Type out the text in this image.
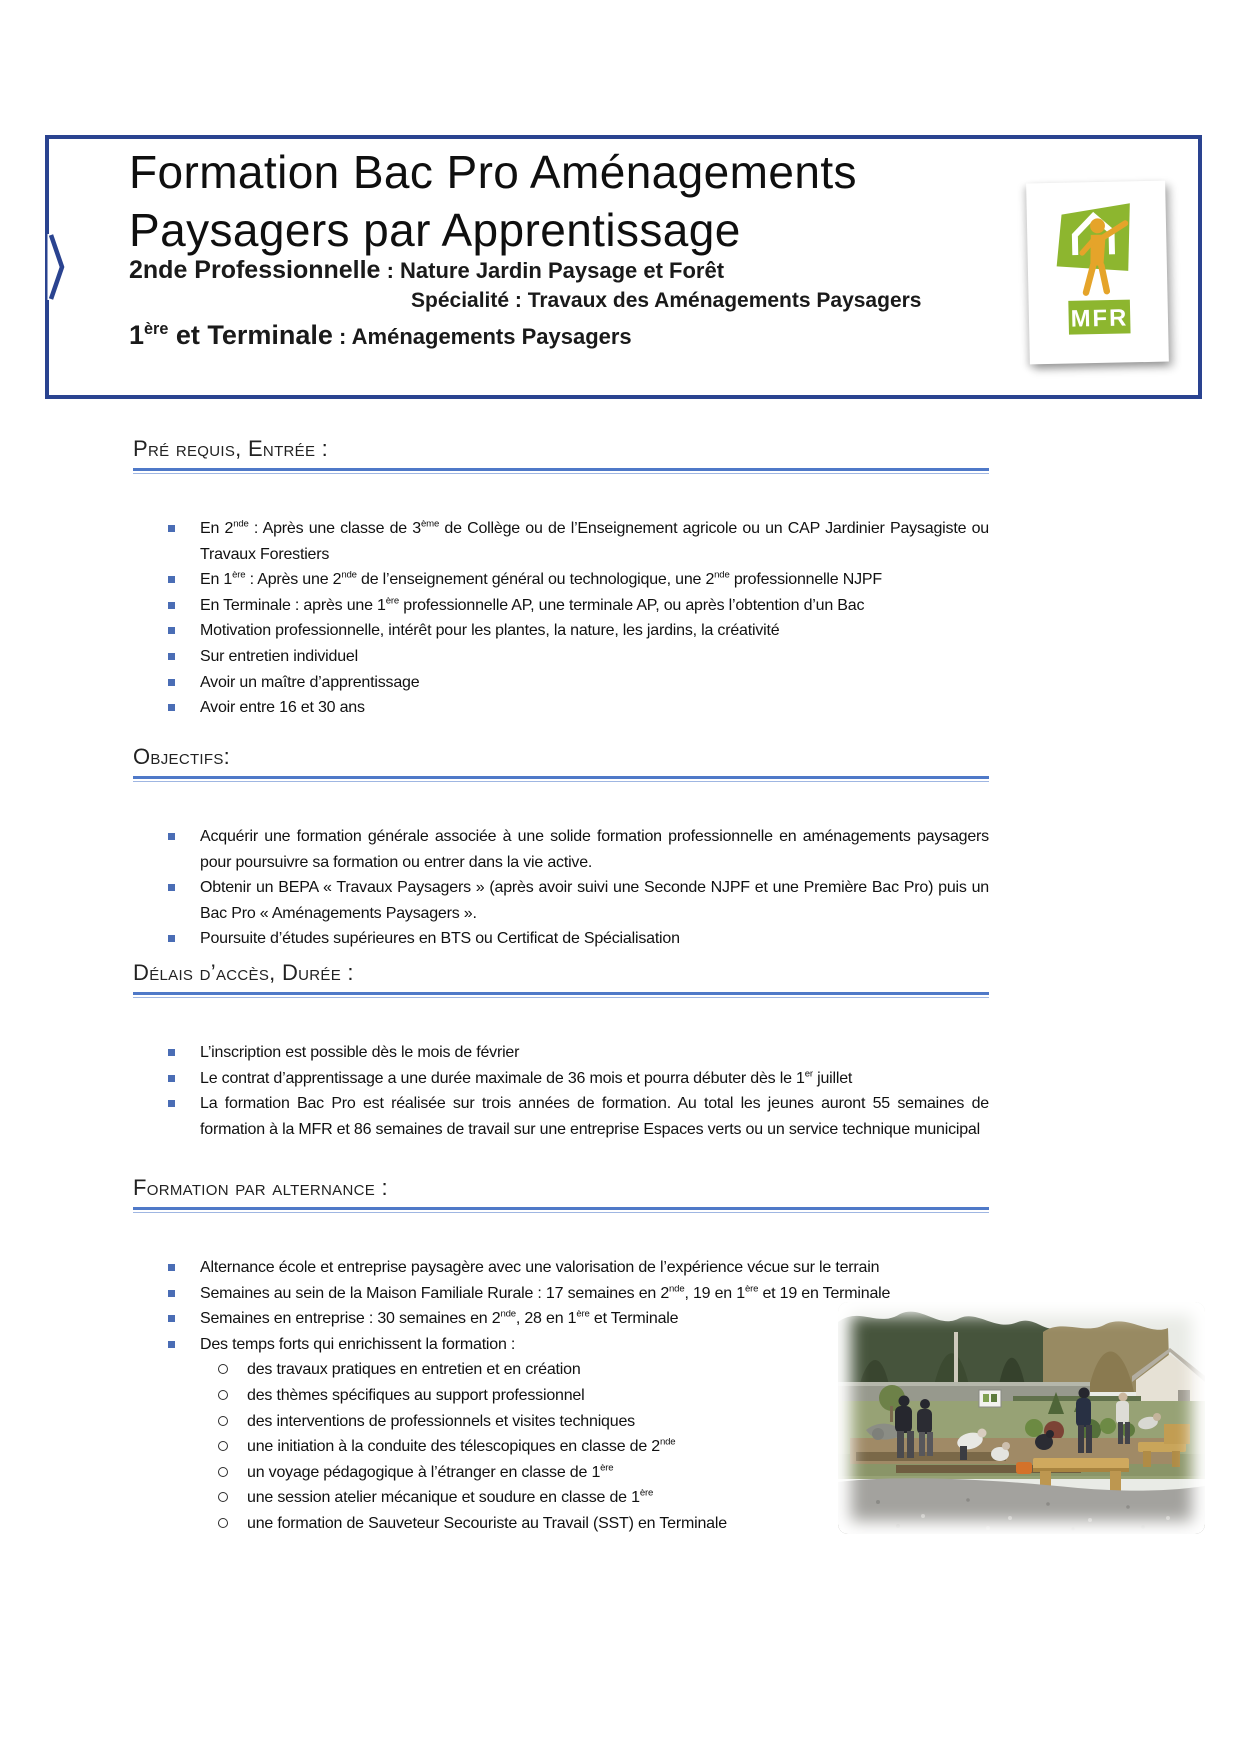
Formation Bac Pro Aménagements Paysagers par Apprentissage
2nde Professionnelle : Nature Jardin Paysage et Forêt
Spécialité : Travaux des Aménagements Paysagers
1ère et Terminale : Aménagements Paysagers
MFR
Pré requis, Entrée :
En 2nde : Après une classe de 3ème de Collège ou de l’Enseignement agricole ou un CAP Jardinier Paysagiste ou Travaux Forestiers
En 1ère : Après une 2nde de l’enseignement général ou technologique, une 2nde professionnelle NJPF
En Terminale : après une 1ère professionnelle AP, une terminale AP, ou après l’obtention d’un Bac
Motivation professionnelle, intérêt pour les plantes, la nature, les jardins, la créativité
Sur entretien individuel
Avoir un maître d’apprentissage
Avoir entre 16 et 30 ans
Objectifs:
Acquérir une formation générale associée à une solide formation professionnelle en aménagements paysagers pour poursuivre sa formation ou entrer dans la vie active.
Obtenir un BEPA « Travaux Paysagers » (après avoir suivi une Seconde NJPF et une Première Bac Pro) puis un Bac Pro « Aménagements Paysagers ».
Poursuite d’études supérieures en BTS ou Certificat de Spécialisation
Délais d’accès, Durée :
L’inscription est possible dès le mois de février
Le contrat d’apprentissage a une durée maximale de 36 mois et pourra débuter dès le 1er juillet
La formation Bac Pro est réalisée sur trois années de formation. Au total les jeunes auront 55 semaines de formation à la MFR et 86 semaines de travail sur une entreprise Espaces verts ou un service technique municipal
Formation par alternance :
Alternance école et entreprise paysagère avec une valorisation de l’expérience vécue sur le terrain
Semaines au sein de la Maison Familiale Rurale : 17 semaines en 2nde, 19 en 1ère et 19 en Terminale
Semaines en entreprise : 30 semaines en 2nde, 28 en 1ère et Terminale
Des temps forts qui enrichissent la formation :
des travaux pratiques en entretien et en création
des thèmes spécifiques au support professionnel
des interventions de professionnels et visites techniques
une initiation à la conduite des télescopiques en classe de 2nde
un voyage pédagogique à l’étranger en classe de 1ère
une session atelier mécanique et soudure en classe de 1ère
une formation de Sauveteur Secouriste au Travail (SST) en Terminale
